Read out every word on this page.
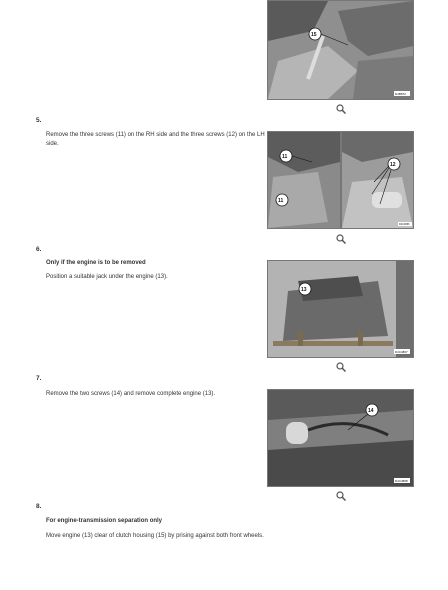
15
D4B872
5.
Remove the three screws (11) on the RH side and the three screws (12) on the LH side.
11
11
12
D4C4866
6.
Only if the engine is to be removed
Position a suitable jack under the engine (13).
13
D4C4867
7.
Remove the two screws (14) and remove complete engine (13).
14
D4C4868
8.
For engine-transmission separation only
Move engine (13) clear of clutch housing (15) by prising against both front wheels.
